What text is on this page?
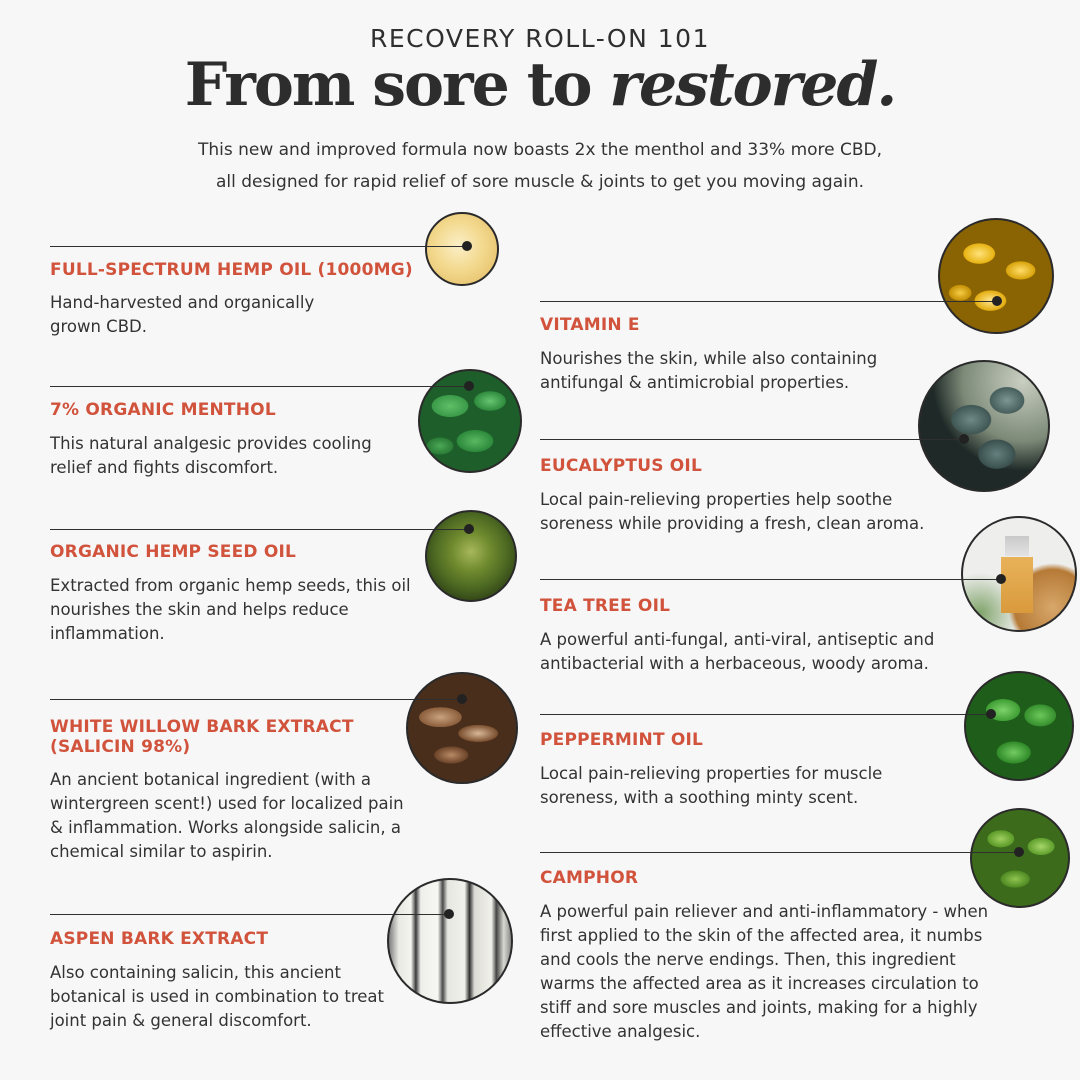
RECOVERY ROLL-ON 101
From sore to restored.
This new and improved formula now boasts 2x the menthol and 33% more CBD,
all designed for rapid relief of sore muscle & joints to get you moving again.
FULL-SPECTRUM HEMP OIL (1000MG)
Hand-harvested and organically grown CBD.
7% ORGANIC MENTHOL
This natural analgesic provides cooling relief and fights discomfort.
ORGANIC HEMP SEED OIL
Extracted from organic hemp seeds, this oil nourishes the skin and helps reduce inflammation.
WHITE WILLOW BARK EXTRACT (SALICIN 98%)
An ancient botanical ingredient (with a wintergreen scent!) used for localized pain & inflammation. Works alongside salicin, a chemical similar to aspirin.
ASPEN BARK EXTRACT
Also containing salicin, this ancient botanical is used in combination to treat joint pain & general discomfort.
VITAMIN E
Nourishes the skin, while also containing antifungal & antimicrobial properties.
EUCALYPTUS OIL
Local pain-relieving properties help soothe soreness while providing a fresh, clean aroma.
TEA TREE OIL
A powerful anti-fungal, anti-viral, antiseptic and antibacterial with a herbaceous, woody aroma.
PEPPERMINT OIL
Local pain-relieving properties for muscle soreness, with a soothing minty scent.
CAMPHOR
A powerful pain reliever and anti-inflammatory - when first applied to the skin of the affected area, it numbs and cools the nerve endings. Then, this ingredient warms the affected area as it increases circulation to stiff and sore muscles and joints, making for a highly effective analgesic.
